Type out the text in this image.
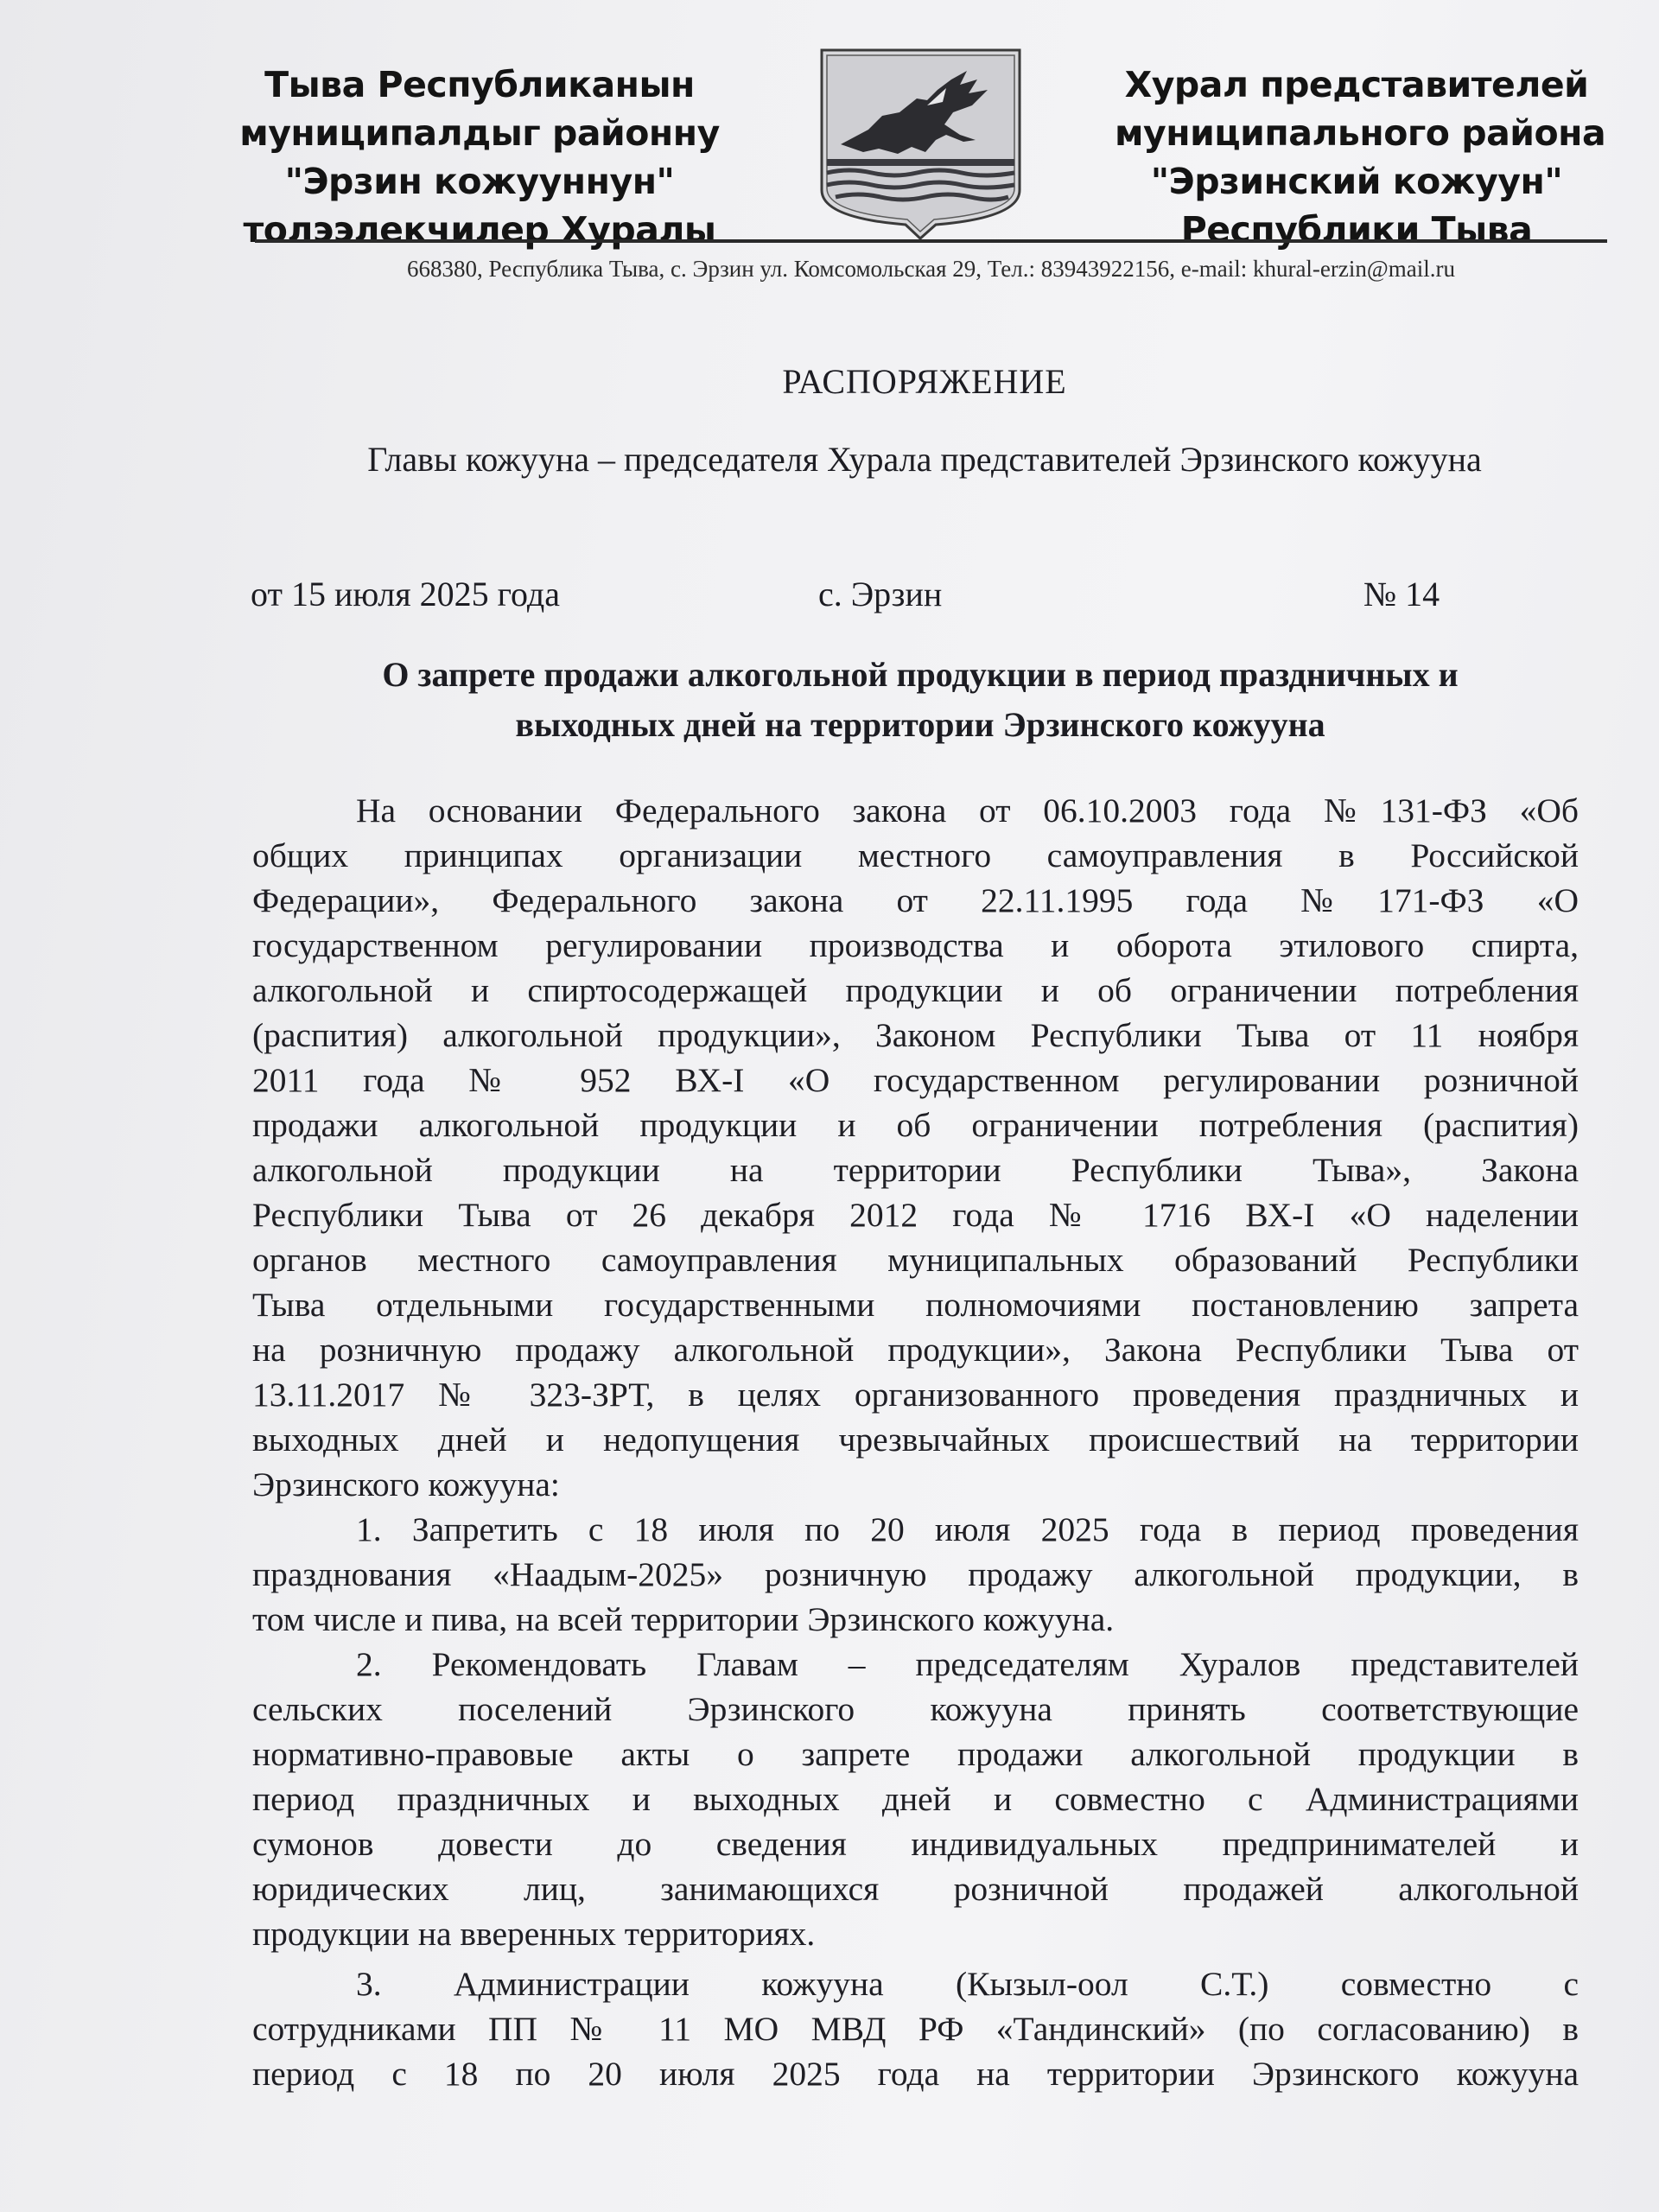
Тыва Республиканын
муниципалдыг районну
"Эрзин кожууннун"
толээлекчилер Хуралы
Хурал представителей
муниципального района
"Эрзинский кожуун"
Республики Тыва
668380, Республика Тыва, с. Эрзин ул. Комсомольская 29, Тел.: 83943922156, e-mail: khural-erzin@mail.ru
РАСПОРЯЖЕНИЕ
Главы кожууна – председателя Хурала представителей Эрзинского кожууна
от 15 июля 2025 года	с. Эрзин	№ 14
О запрете продажи алкогольной продукции в период праздничных и
выходных дней на территории Эрзинского кожууна
На основании Федерального закона от 06.10.2003 года №131-ФЗ «Об
общих принципах организации местного самоуправления в Российской
Федерации», Федерального закона от 22.11.1995 года №171-ФЗ «О
государственном регулировании производства и оборота этилового спирта,
алкогольной и спиртосодержащей продукции и об ограничении потребления
(распития) алкогольной продукции», Законом Республики Тыва от 11 ноября
2011 года № 952 ВХ-I «О государственном регулировании розничной
продажи алкогольной продукции и об ограничении потребления (распития)
алкогольной продукции на территории Республики Тыва», Закона
Республики Тыва от 26 декабря 2012 года № 1716 ВХ-I «О наделении
органов местного самоуправления муниципальных образований Республики
Тыва отдельными государственными полномочиями постановлению запрета
на розничную продажу алкогольной продукции», Закона Республики Тыва от
13.11.2017 № 323-ЗРТ, в целях организованного проведения праздничных и
выходных дней и недопущения чрезвычайных происшествий на территории
Эрзинского кожууна:
1. Запретить с 18 июля по 20 июля 2025 года в период проведения
празднования «Наадым-2025» розничную продажу алкогольной продукции, в
том числе и пива, на всей территории Эрзинского кожууна.
2. Рекомендовать Главам – председателям Хуралов представителей
сельских поселений Эрзинского кожууна принять соответствующие
нормативно-правовые акты о запрете продажи алкогольной продукции в
период праздничных и выходных дней и совместно с Администрациями
сумонов довести до сведения индивидуальных предпринимателей и
юридических лиц, занимающихся розничной продажей алкогольной
продукции на вверенных территориях.
3. Администрации кожууна (Кызыл-оол С.Т.) совместно с
сотрудниками ПП № 11 МО МВД РФ «Тандинский» (по согласованию) в
период с 18 по 20 июля 2025 года на территории Эрзинского кожууна
